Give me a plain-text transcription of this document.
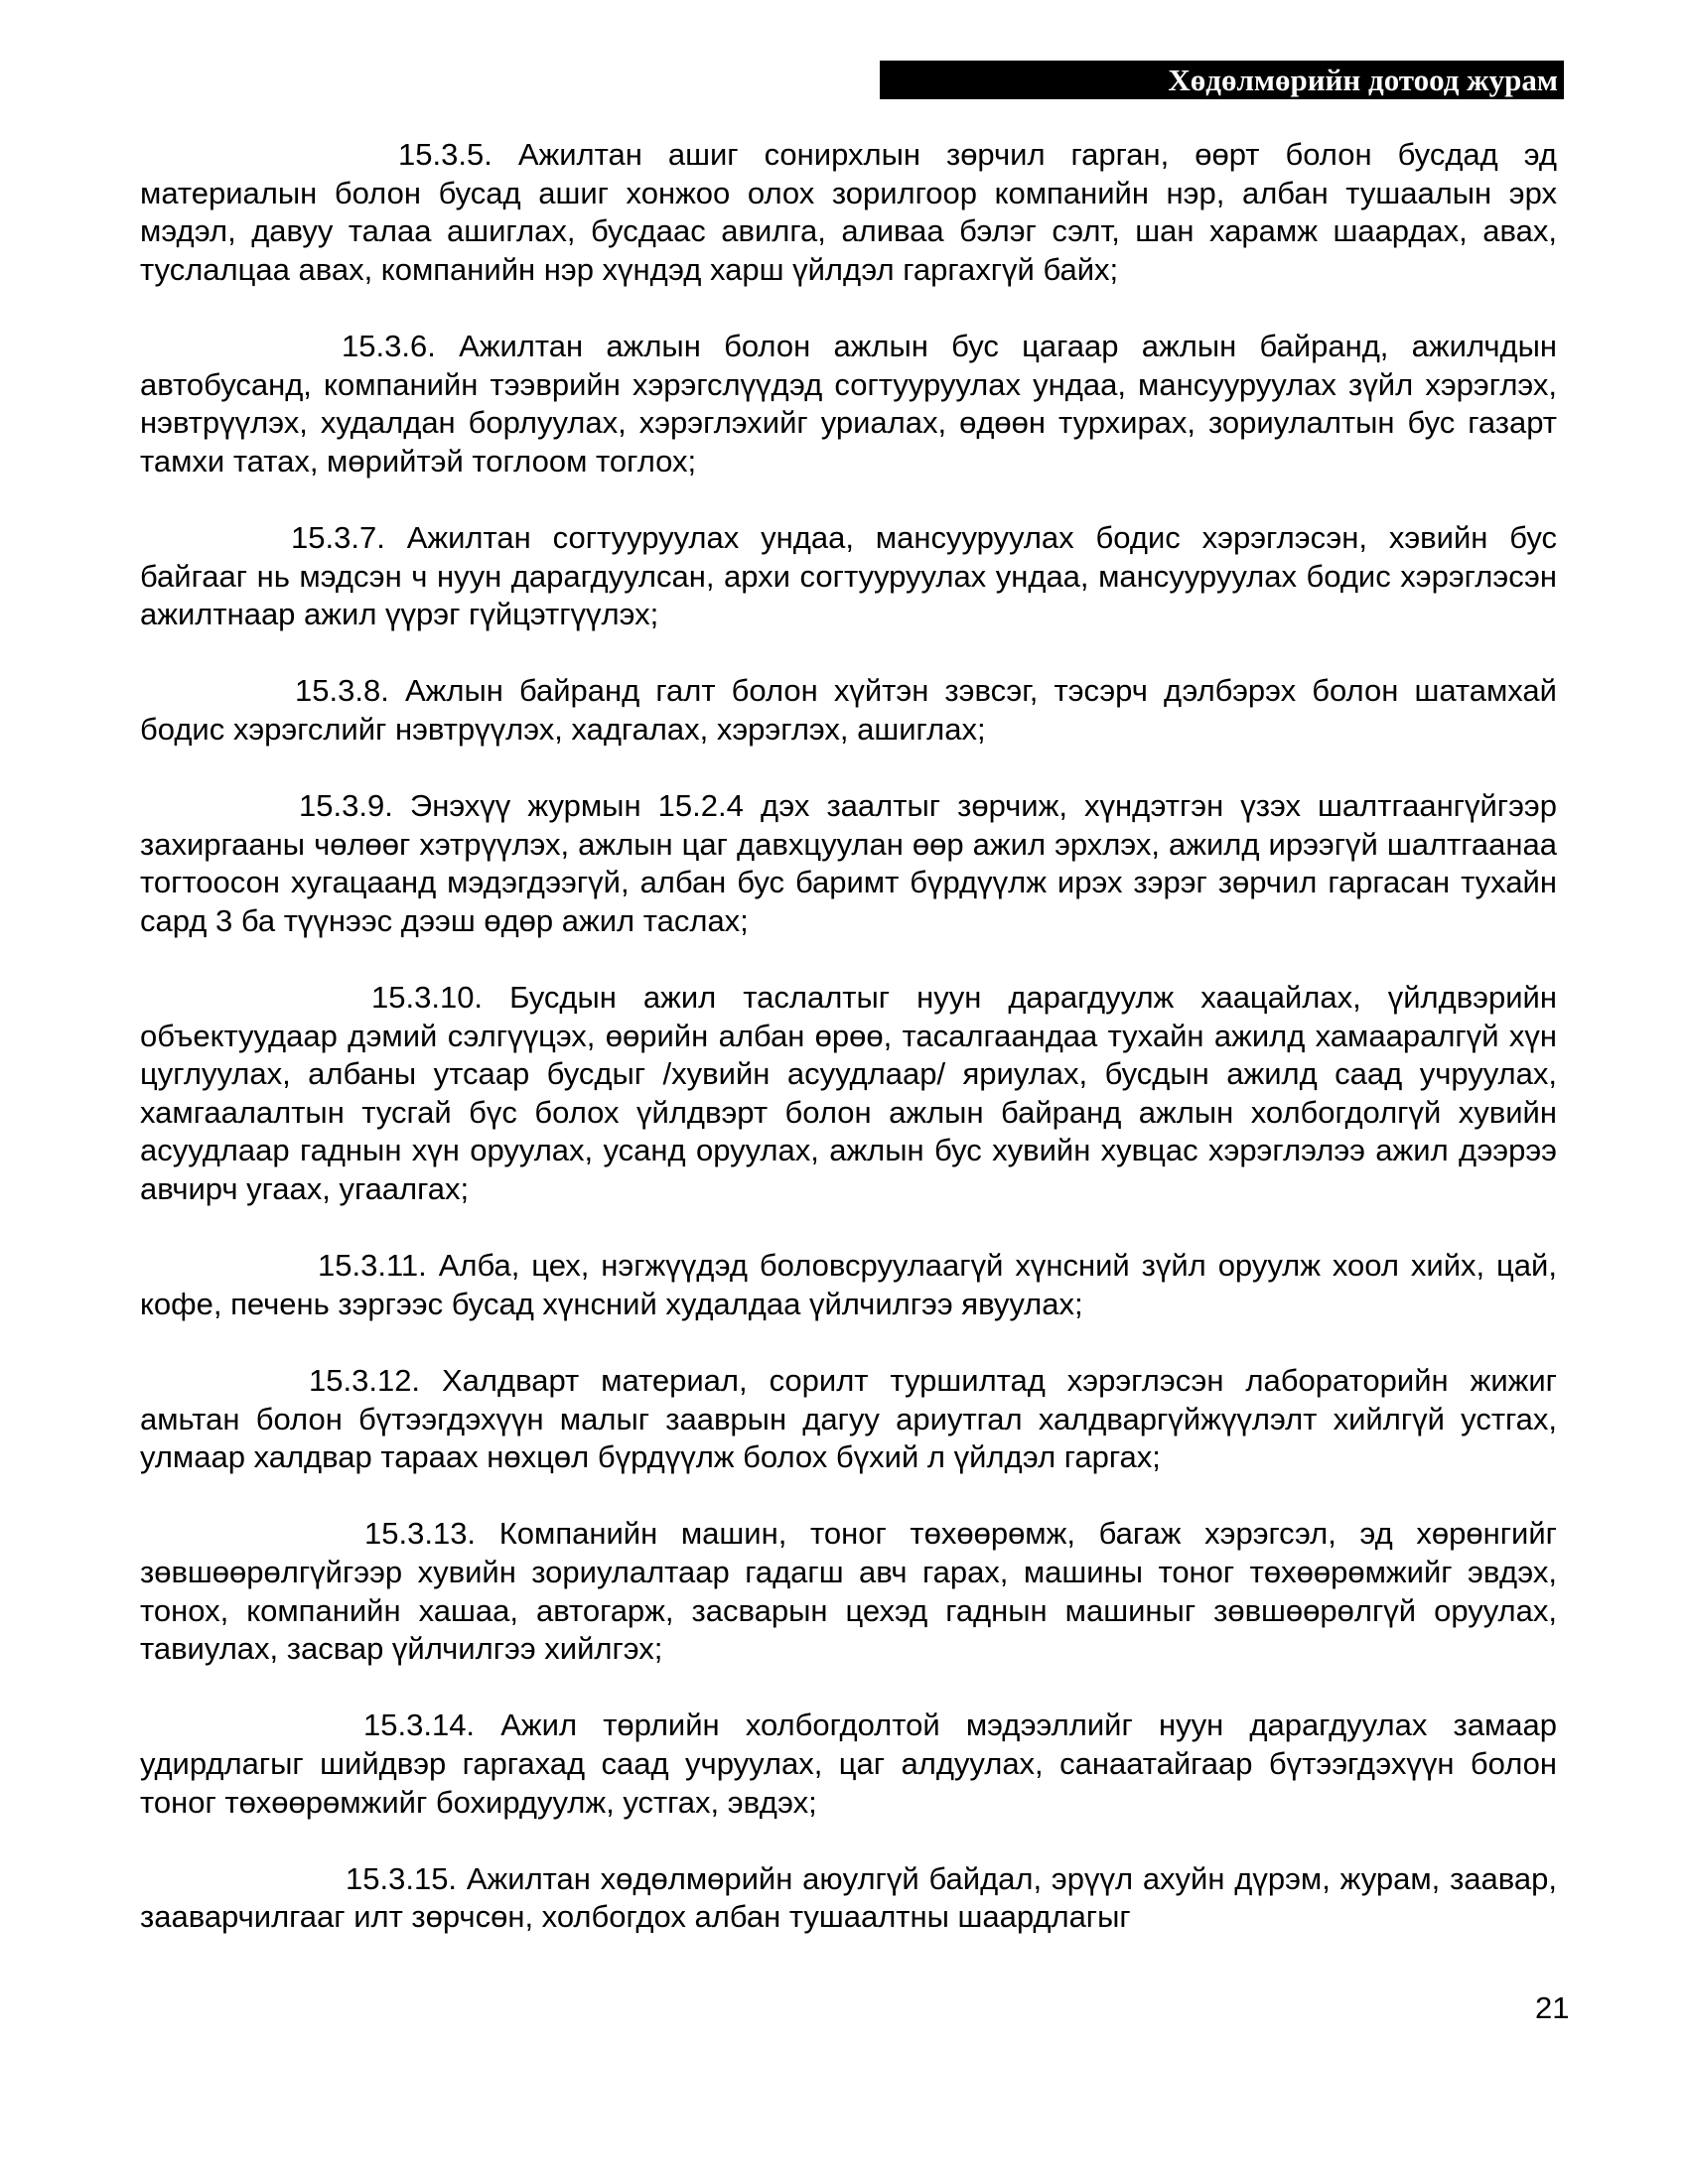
Хөдөлмөрийн дотоод журам

15.3.5. Ажилтан ашиг сонирхлын зөрчил гарган, өөрт болон бусдад эд материалын болон бусад ашиг хонжоо олох зорилгоор компанийн нэр, албан тушаалын эрх мэдэл, давуу талаа ашиглах, бусдаас авилга, аливаа бэлэг сэлт, шан харамж шаардах, авах, туслалцаа авах, компанийн нэр хүндэд харш үйлдэл гаргахгүй байх;

15.3.6. Ажилтан ажлын болон ажлын бус цагаар ажлын байранд, ажилчдын автобусанд, компанийн тээврийн хэрэгслүүдэд согтууруулах ундаа, мансууруулах зүйл хэрэглэх, нэвтрүүлэх, худалдан борлуулах, хэрэглэхийг уриалах, өдөөн турхирах, зориулалтын бус газарт тамхи татах, мөрийтэй тоглоом тоглох;

15.3.7. Ажилтан согтууруулах ундаа, мансууруулах бодис хэрэглэсэн, хэвийн бус байгааг нь мэдсэн ч нуун дарагдуулсан, архи согтууруулах ундаа, мансууруулах бодис хэрэглэсэн ажилтнаар ажил үүрэг гүйцэтгүүлэх;

15.3.8. Ажлын байранд галт болон хүйтэн зэвсэг, тэсэрч дэлбэрэх болон шатамхай бодис хэрэгслийг нэвтрүүлэх, хадгалах, хэрэглэх, ашиглах;

15.3.9. Энэхүү журмын 15.2.4 дэх заалтыг зөрчиж, хүндэтгэн үзэх шалтгаангүйгээр захиргааны чөлөөг хэтрүүлэх, ажлын цаг давхцуулан өөр ажил эрхлэх, ажилд ирээгүй шалтгаанаа тогтоосон хугацаанд мэдэгдээгүй, албан бус баримт бүрдүүлж ирэх зэрэг зөрчил гаргасан тухайн сард 3 ба түүнээс дээш өдөр ажил таслах;

15.3.10. Бусдын ажил таслалтыг нуун дарагдуулж хаацайлах, үйлдвэрийн объектуудаар дэмий сэлгүүцэх, өөрийн албан өрөө, тасалгаандаа тухайн ажилд хамааралгүй хүн цуглуулах, албаны утсаар бусдыг /хувийн асуудлаар/ яриулах, бусдын ажилд саад учруулах, хамгаалалтын тусгай бүс болох үйлдвэрт болон ажлын байранд ажлын холбогдолгүй хувийн асуудлаар гаднын хүн оруулах, усанд оруулах, ажлын бус хувийн хувцас хэрэглэлээ ажил дээрээ авчирч угаах, угаалгах;

15.3.11. Алба, цех, нэгжүүдэд боловсруулаагүй хүнсний зүйл оруулж хоол хийх, цай, кофе, печень зэргээс бусад хүнсний худалдаа үйлчилгээ явуулах;

15.3.12. Халдварт материал, сорилт туршилтад хэрэглэсэн лабораторийн жижиг амьтан болон бүтээгдэхүүн малыг зааврын дагуу ариутгал халдваргүйжүүлэлт хийлгүй устгах, улмаар халдвар тараах нөхцөл бүрдүүлж болох бүхий л үйлдэл гаргах;

15.3.13. Компанийн машин, тоног төхөөрөмж, багаж хэрэгсэл, эд хөрөнгийг зөвшөөрөлгүйгээр хувийн зориулалтаар гадагш авч гарах, машины тоног төхөөрөмжийг эвдэх, тонох, компанийн хашаа, автогарж, засварын цехэд гаднын машиныг зөвшөөрөлгүй оруулах, тавиулах, засвар үйлчилгээ хийлгэх;

15.3.14. Ажил төрлийн холбогдолтой мэдээллийг нуун дарагдуулах замаар удирдлагыг шийдвэр гаргахад саад учруулах, цаг алдуулах, санаатайгаар бүтээгдэхүүн болон тоног төхөөрөмжийг бохирдуулж, устгах, эвдэх;

15.3.15. Ажилтан хөдөлмөрийн аюулгүй байдал, эрүүл ахуйн дүрэм, журам, заавар, зааварчилгааг илт зөрчсөн, холбогдох албан тушаалтны шаардлагыг

21
